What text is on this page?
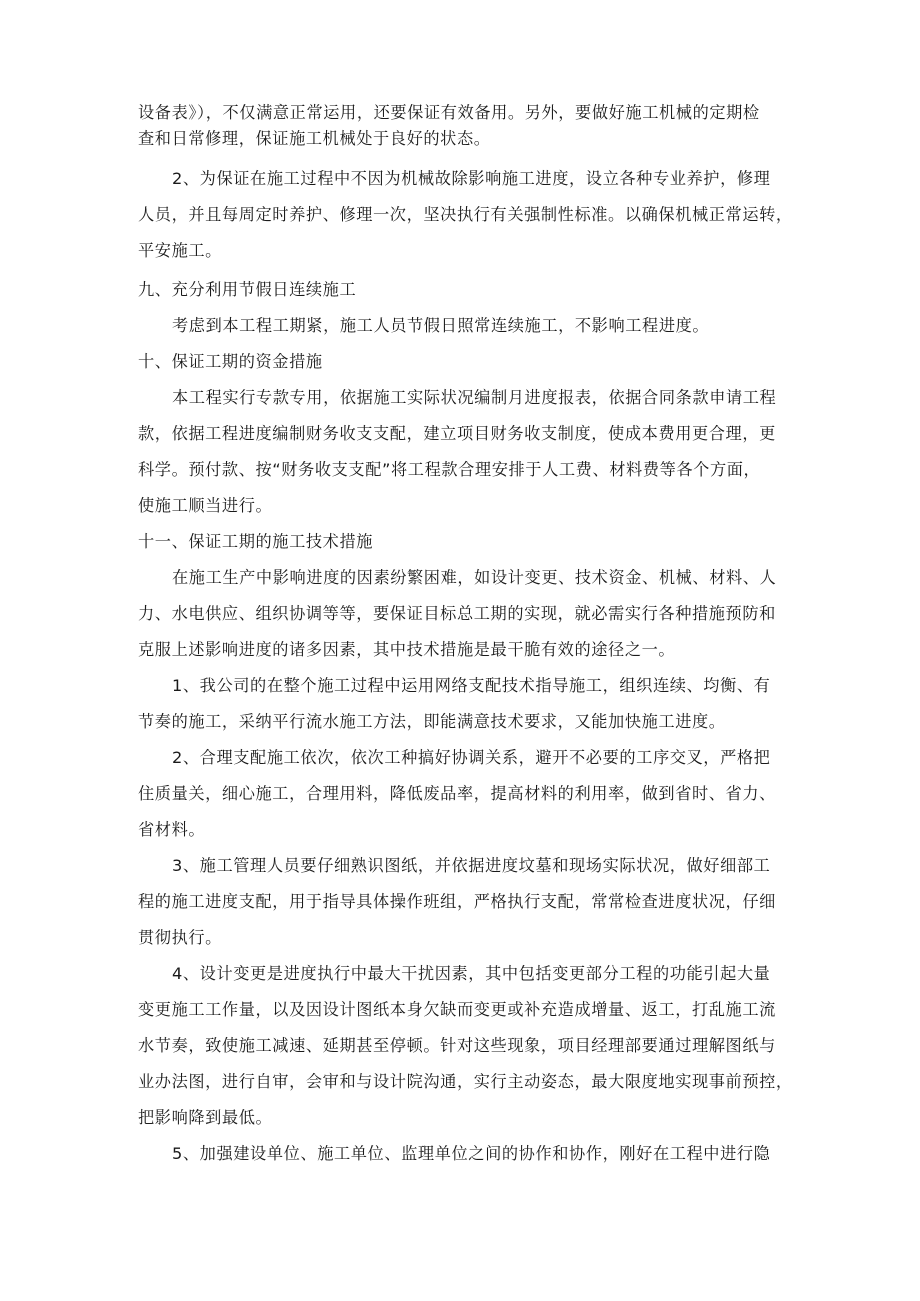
设备表》），不仅满意正常运用，还要保证有效备用。另外，要做好施工机械的定期检
查和日常修理，保证施工机械处于良好的状态。
2、为保证在施工过程中不因为机械故除影响施工进度，设立各种专业养护，修理
人员，并且每周定时养护、修理一次，坚决执行有关强制性标准。以确保机械正常运转，
平安施工。
九、充分利用节假日连续施工
考虑到本工程工期紧，施工人员节假日照常连续施工，不影响工程进度。
十、保证工期的资金措施
本工程实行专款专用，依据施工实际状况编制月进度报表，依据合同条款申请工程
款，依据工程进度编制财务收支支配，建立项目财务收支制度，使成本费用更合理，更
科学。预付款、按“财务收支支配”将工程款合理安排于人工费、材料费等各个方面，
使施工顺当进行。
十一、保证工期的施工技术措施
在施工生产中影响进度的因素纷繁困难，如设计变更、技术资金、机械、材料、人
力、水电供应、组织协调等等，要保证目标总工期的实现，就必需实行各种措施预防和
克服上述影响进度的诸多因素，其中技术措施是最干脆有效的途径之一。
1、我公司的在整个施工过程中运用网络支配技术指导施工，组织连续、均衡、有
节奏的施工，采纳平行流水施工方法，即能满意技术要求，又能加快施工进度。
2、合理支配施工依次，依次工种搞好协调关系，避开不必要的工序交叉，严格把
住质量关，细心施工，合理用料，降低废品率，提高材料的利用率，做到省时、省力、
省材料。
3、施工管理人员要仔细熟识图纸，并依据进度坟墓和现场实际状况，做好细部工
程的施工进度支配，用于指导具体操作班组，严格执行支配，常常检查进度状况，仔细
贯彻执行。
4、设计变更是进度执行中最大干扰因素，其中包括变更部分工程的功能引起大量
变更施工工作量，以及因设计图纸本身欠缺而变更或补充造成增量、返工，打乱施工流
水节奏，致使施工减速、延期甚至停顿。针对这些现象，项目经理部要通过理解图纸与
业办法图，进行自审，会审和与设计院沟通，实行主动姿态，最大限度地实现事前预控，
把影响降到最低。
5、加强建设单位、施工单位、监理单位之间的协作和协作，刚好在工程中进行隐
